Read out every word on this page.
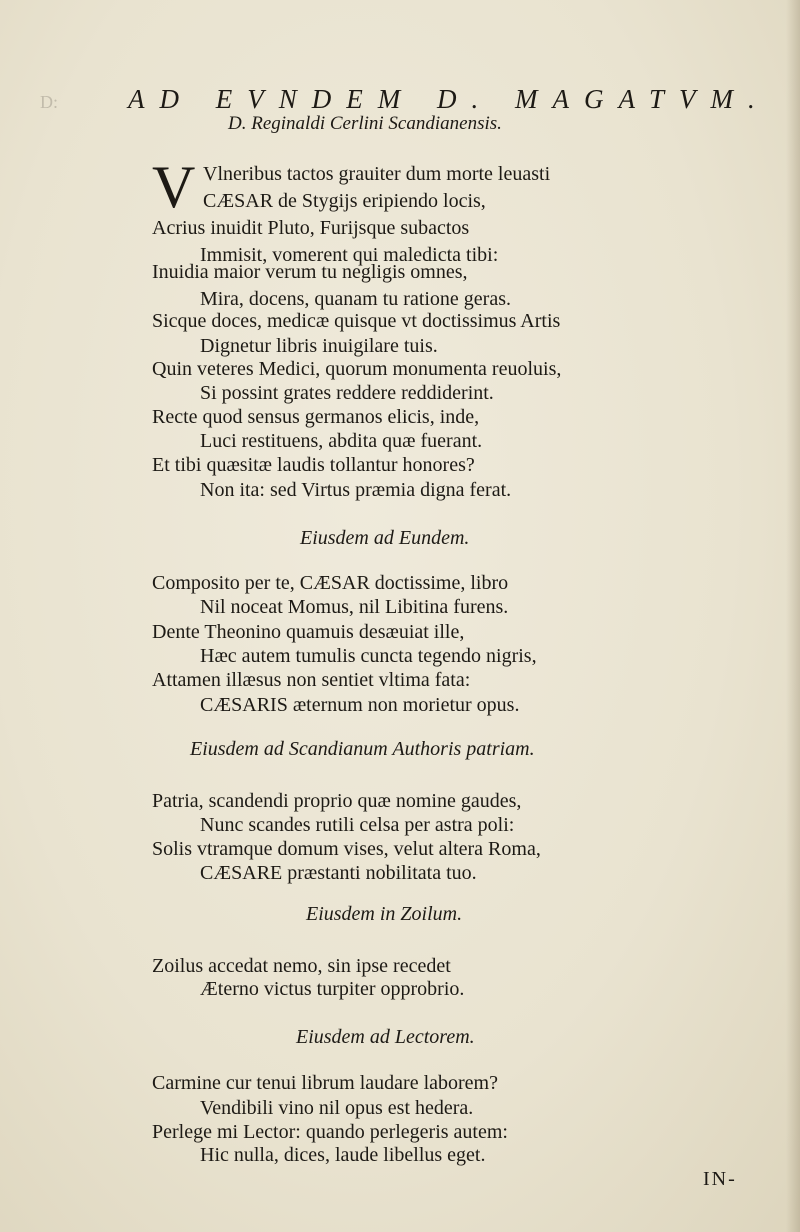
D:	AD EVNDEM D. MAGATVM.
D. Reginaldi Cerlini Scandianensis.
V Vlneribus tactos grauiter dum morte leuasti
CÆSAR de Stygijs eripiendo locis,
Acrius inuidit Pluto, Furijsque subactos
Immisit, vomerent qui maledicta tibi:
Inuidia maior verum tu negligis omnes,
Mira, docens, quanam tu ratione geras.
Sicque doces, medicæ quisque vt doctissimus Artis
Dignetur libris inuigilare tuis.
Quin veteres Medici, quorum monumenta reuoluis,
Si possint grates reddere reddiderint.
Recte quod sensus germanos elicis, inde,
Luci restituens, abdita quæ fuerant.
Et tibi quæsitæ laudis tollantur honores?
Non ita: sed Virtus præmia digna ferat.
Eiusdem ad Eundem.
Composito per te, CÆSAR doctissime, libro
Nil noceat Momus, nil Libitina furens.
Dente Theonino quamuis desæuiat ille,
Hæc autem tumulis cuncta tegendo nigris,
Attamen illæsus non sentiet vltima fata:
CÆSARIS æternum non morietur opus.
Eiusdem ad Scandianum Authoris patriam.
Patria, scandendi proprio quæ nomine gaudes,
Nunc scandes rutili celsa per astra poli:
Solis vtramque domum vises, velut altera Roma,
CÆSARE præstanti nobilitata tuo.
Eiusdem in Zoilum.
Zoilus accedat nemo, sin ipse recedet
Æterno victus turpiter opprobrio.
Eiusdem ad Lectorem.
Carmine cur tenui librum laudare laborem?
Vendibili vino nil opus est hedera.
Perlege mi Lector: quando perlegeris autem:
Hic nulla, dices, laude libellus eget.
IN-
